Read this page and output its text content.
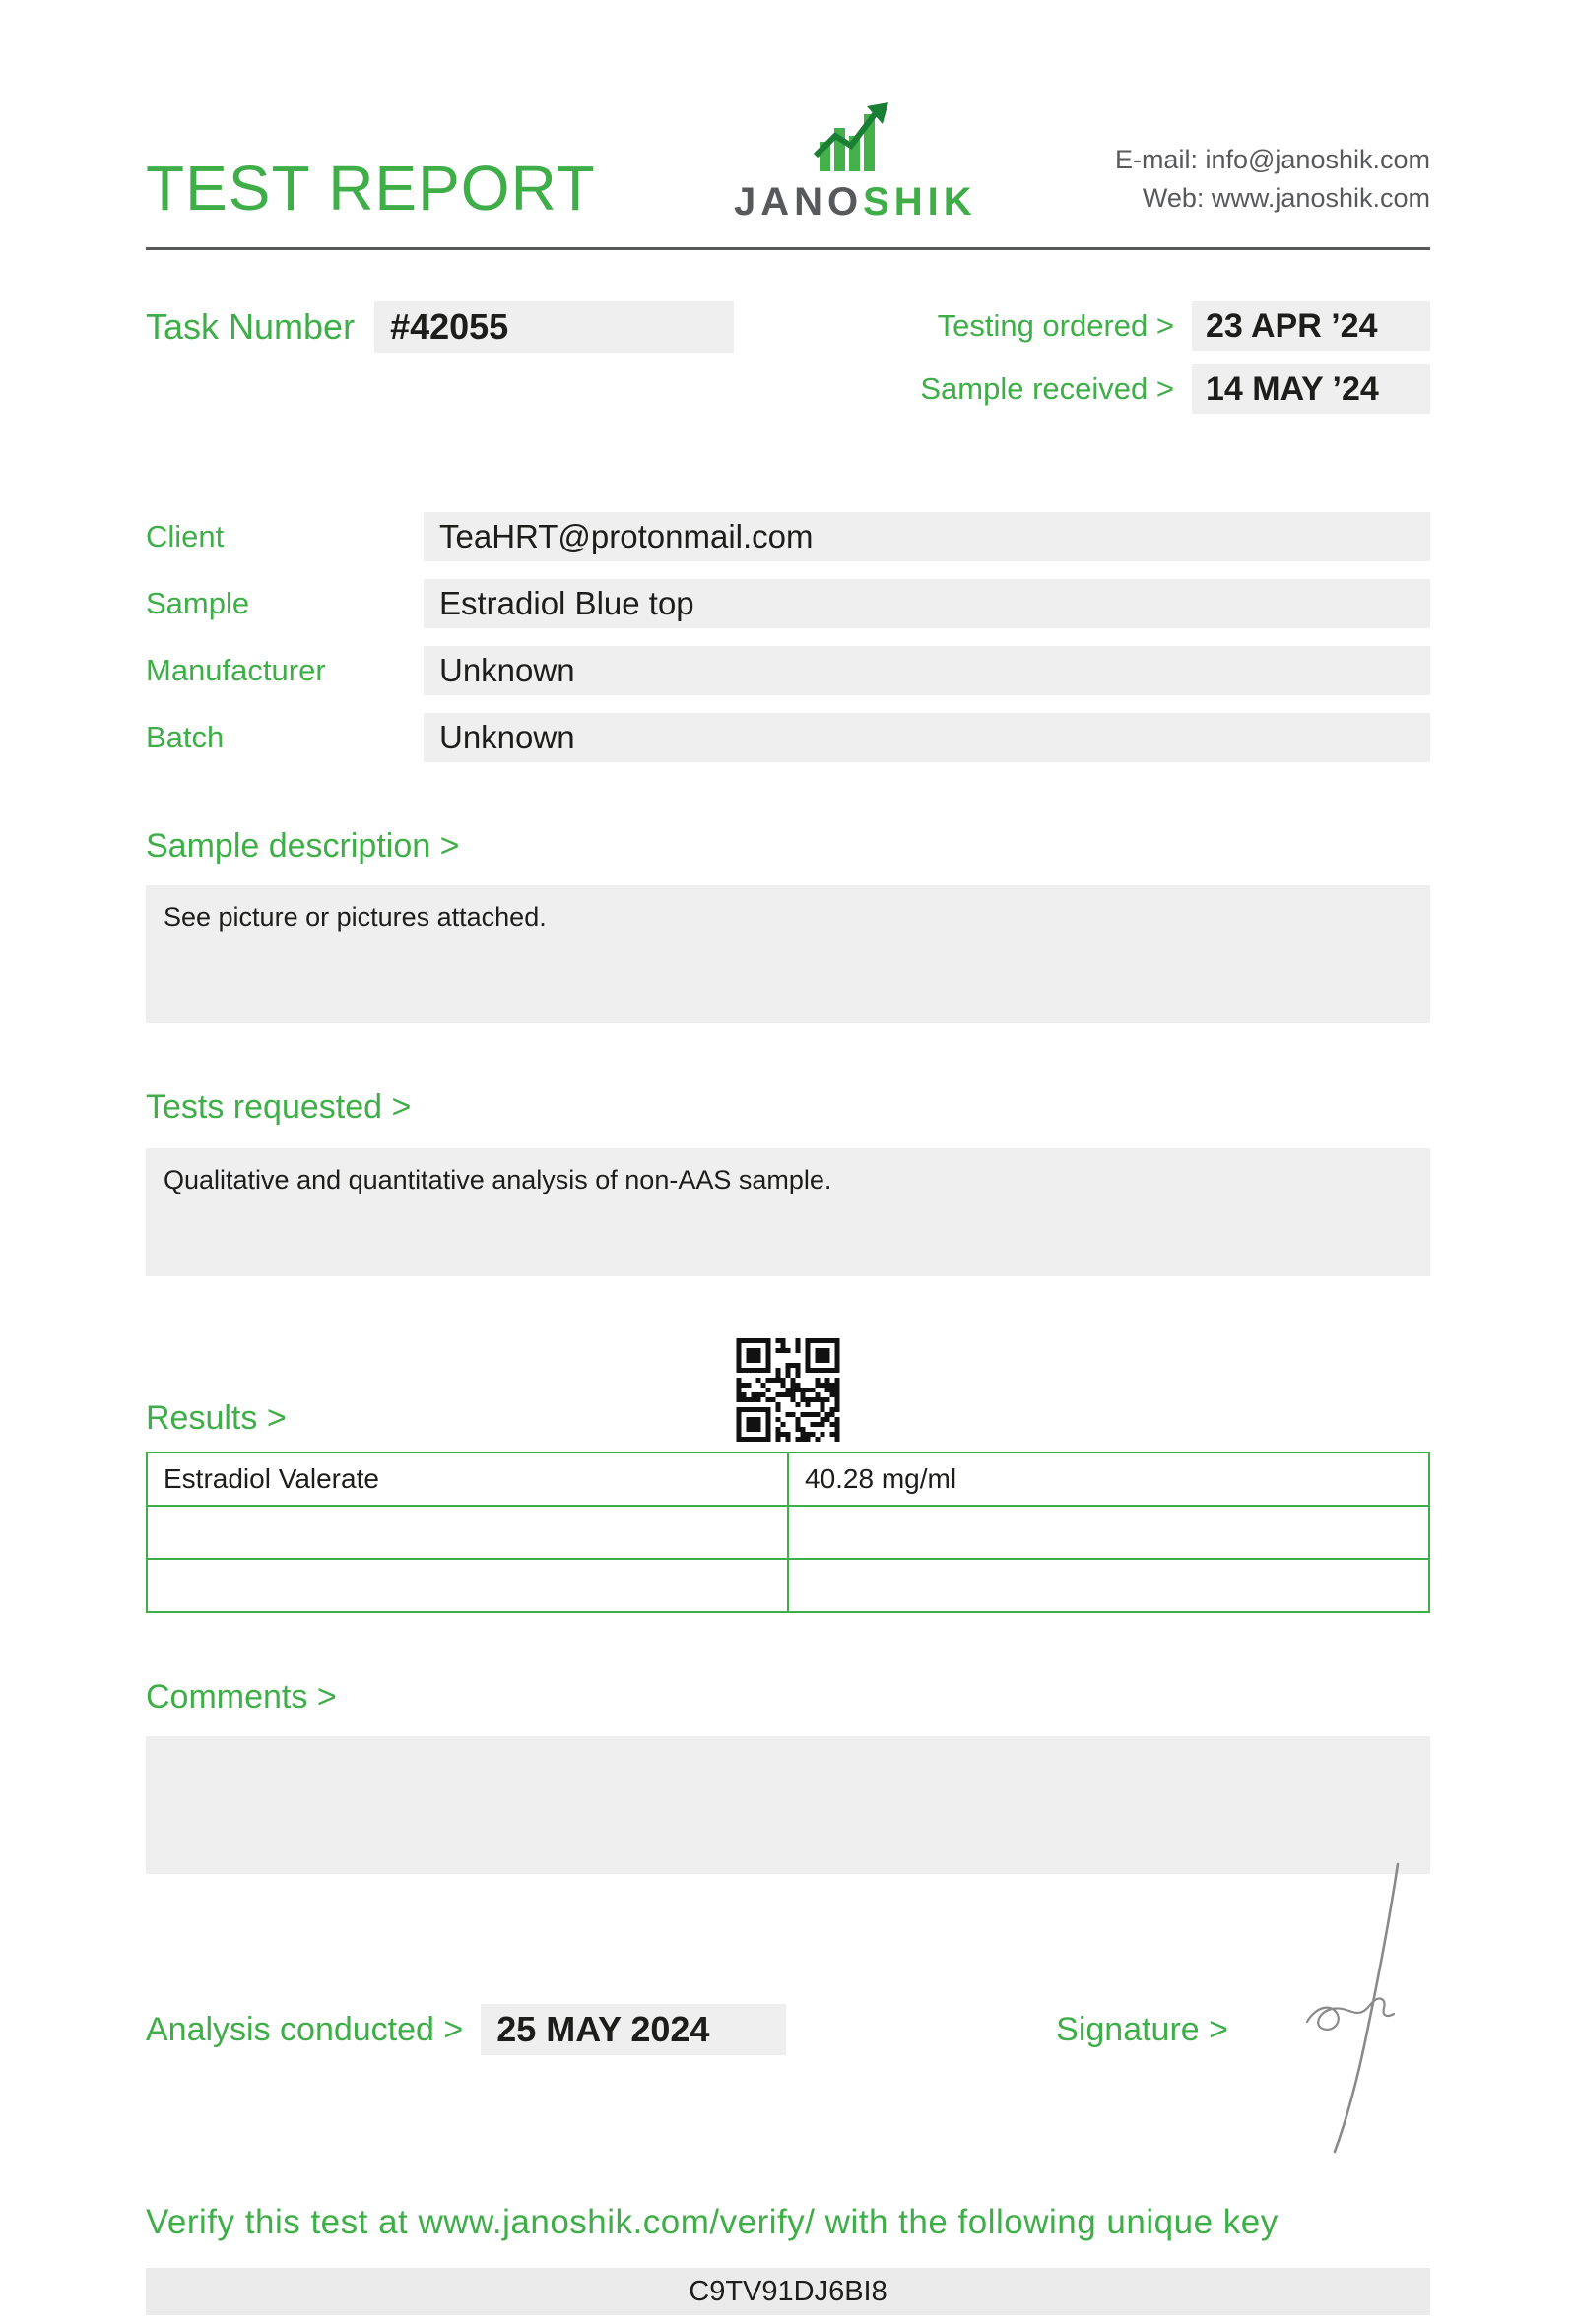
TEST REPORT	JANOSHIK
E-mail: info@janoshik.com
Web: www.janoshik.com
Task Number	#42055	Testing ordered > 23 APR ’24
Sample received > 14 MAY ’24
Client	TeaHRT@protonmail.com
Sample	Estradiol Blue top
Manufacturer	Unknown
Batch	Unknown
Sample description >
See picture or pictures attached.
Tests requested >
Qualitative and quantitative analysis of non-AAS sample.
Results >
Estradiol Valerate	40.28 mg/ml

Comments >
Analysis conducted > 25 MAY 2024	Signature >
Verify this test at www.janoshik.com/verify/ with the following unique key
C9TV91DJ6BI8
